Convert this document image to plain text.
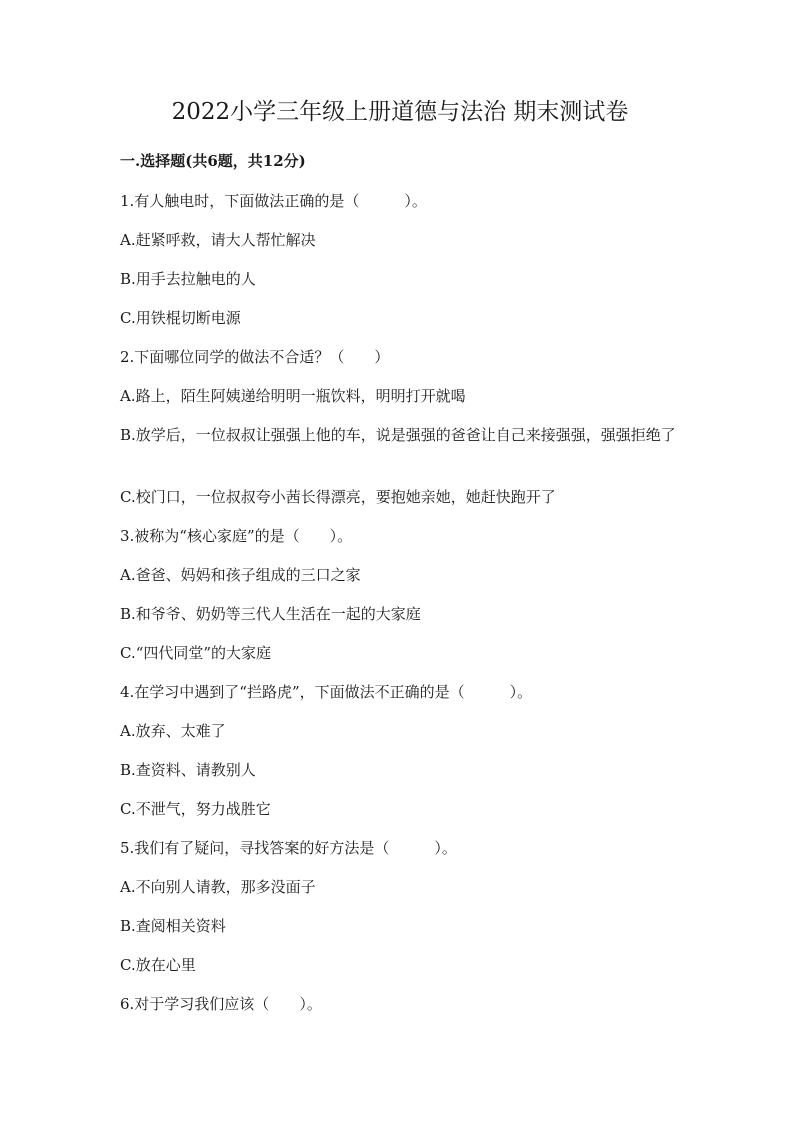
2022小学三年级上册道德与法治 期末测试卷
一.选择题(共6题，共12分)
1.有人触电时，下面做法正确的是（　　　）。
A.赶紧呼救，请大人帮忙解决
B.用手去拉触电的人
C.用铁棍切断电源
2.下面哪位同学的做法不合适？（　　）
A.路上，陌生阿姨递给明明一瓶饮料，明明打开就喝
B.放学后，一位叔叔让强强上他的车，说是强强的爸爸让自己来接强强，强强拒绝了
C.校门口，一位叔叔夸小茜长得漂亮，要抱她亲她，她赶快跑开了
3.被称为“核心家庭”的是（　　）。
A.爸爸、妈妈和孩子组成的三口之家
B.和爷爷、奶奶等三代人生活在一起的大家庭
C.“四代同堂”的大家庭
4.在学习中遇到了“拦路虎”，下面做法不正确的是（　　　）。
A.放弃、太难了
B.查资料、请教别人
C.不泄气，努力战胜它
5.我们有了疑问，寻找答案的好方法是（　　　）。
A.不向别人请教，那多没面子
B.查阅相关资料
C.放在心里
6.对于学习我们应该（　　）。
